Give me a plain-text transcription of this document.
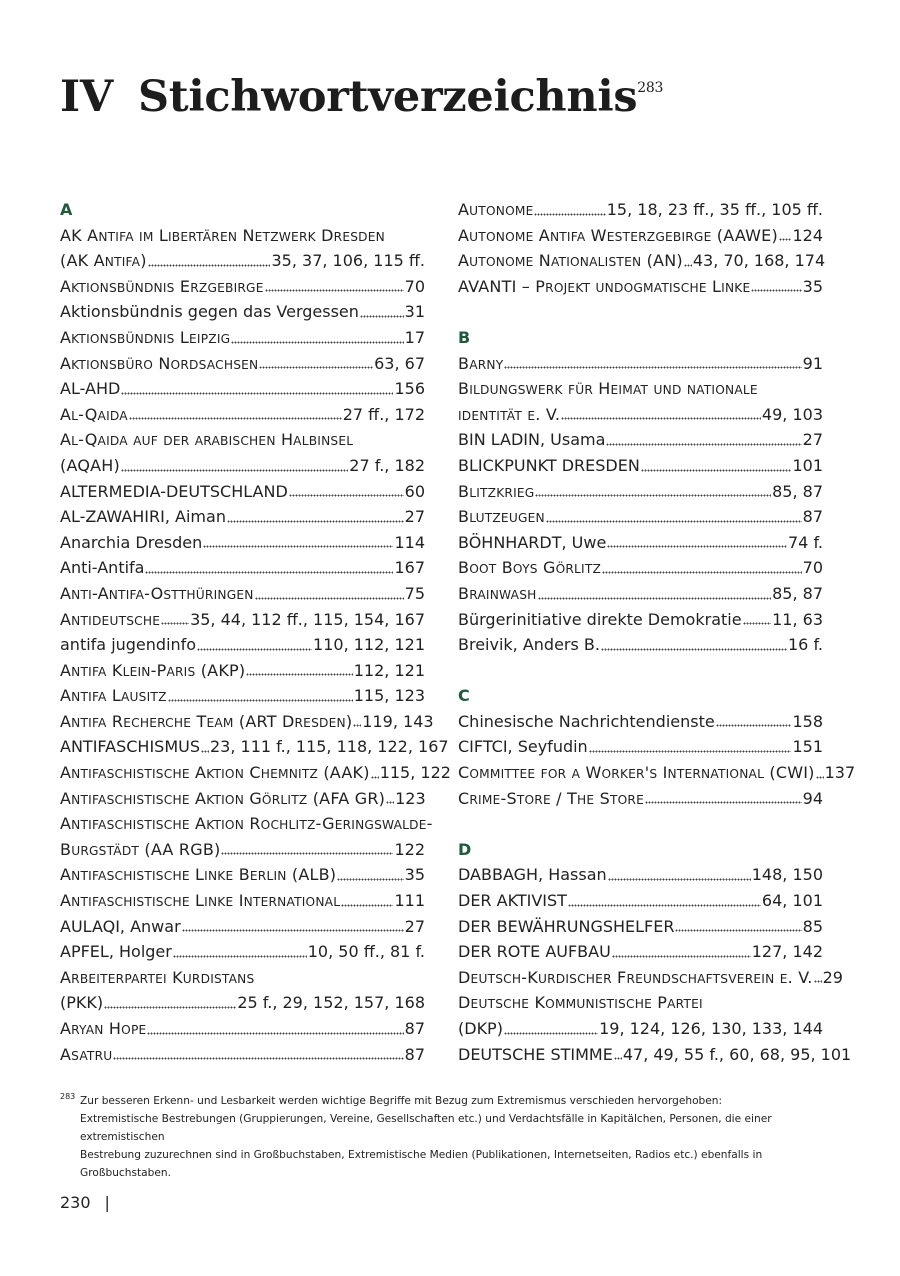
IV Stichwortverzeichnis$^{283}$
A
AK ANTIFA IM LIBERTÄREN NETZWERK DRESDEN
(AK ANTIFA)	35, 37, 106, 115 ff.
AKTIONSBÜNDNIS ERZGEBIRGE	70
Aktionsbündnis gegen das Vergessen	31
AKTIONSBÜNDNIS LEIPZIG	17
AKTIONSBÜRO NORDSACHSEN	63, 67
AL-AHD	156
AL-QAIDA	27 ff., 172
AL-QAIDA AUF DER ARABISCHEN HALBINSEL
(AQAH)	27 f., 182
ALTERMEDIA-DEUTSCHLAND	60
AL-ZAWAHIRI, Aiman	27
Anarchia Dresden	114
Anti-Antifa	167
ANTI-ANTIFA-OSTTHÜRINGEN	75
ANTIDEUTSCHE 35, 44, 112 ff., 115, 154, 167
antifa jugendinfo	110, 112, 121
ANTIFA KLEIN-PARIS (AKP)	112, 121
ANTIFA LAUSITZ	115, 123
ANTIFA RECHERCHE TEAM (ART DRESDEN) 119, 143
ANTIFASCHISMUS 23, 111 f., 115, 118, 122, 167
ANTIFASCHISTISCHE AKTION CHEMNITZ (AAK) 115, 122
ANTIFASCHISTISCHE AKTION GÖRLITZ (AFA GR) 123
ANTIFASCHISTISCHE AKTION ROCHLITZ-GERINGSWALDE-
BURGSTÄDT (AA RGB)	122
ANTIFASCHISTISCHE LINKE BERLIN (ALB)	35
ANTIFASCHISTISCHE LINKE INTERNATIONAL	111
AULAQI, Anwar	27
APFEL, Holger	10, 50 ff., 81 f.
ARBEITERPARTEI KURDISTANS
(PKK)	25 f., 29, 152, 157, 168
ARYAN HOPE	87
ASATRU	87
AUTONOME	15, 18, 23 ff., 35 ff., 105 ff.
AUTONOME ANTIFA WESTERZGEBIRGE (AAWE) 124
AUTONOME NATIONALISTEN (AN) 43, 70, 168, 174
AVANTI – PROJEKT UNDOGMATISCHE LINKE	35
B
BARNY	91
BILDUNGSWERK FÜR HEIMAT UND NATIONALE
IDENTITÄT E. V.	49, 103
BIN LADIN, Usama	27
BLICKPUNKT DRESDEN	101
BLITZKRIEG	85, 87
BLUTZEUGEN	87
BÖHNHARDT, Uwe	74 f.
BOOT BOYS GÖRLITZ	70
BRAINWASH	85, 87
Bürgerinitiative direkte Demokratie 11, 63
Breivik, Anders B.	16 f.
C
Chinesische Nachrichtendienste	158
CIFTCI, Seyfudin	151
COMMITTEE FOR A WORKER'S INTERNATIONAL (CWI) 137
CRIME-STORE / THE STORE	94
D
DABBAGH, Hassan	148, 150
DER AKTIVIST	64, 101
DER BEWÄHRUNGSHELFER	85
DER ROTE AUFBAU	127, 142
DEUTSCH-KURDISCHER FREUNDSCHAFTSVEREIN E. V. 29
DEUTSCHE KOMMUNISTISCHE PARTEI
(DKP)	19, 124, 126, 130, 133, 144
DEUTSCHE STIMME 47, 49, 55 f., 60, 68, 95, 101
283 Zur besseren Erkenn- und Lesbarkeit werden wichtige Begriffe mit Bezug zum Extremismus verschieden hervorgehoben:
Extremistische Bestrebungen (Gruppierungen, Vereine, Gesellschaften etc.) und Verdachtsfälle in Kapitälchen, Personen, die einer extremistischen
Bestrebung zuzurechnen sind in Großbuchstaben, Extremistische Medien (Publikationen, Internetseiten, Radios etc.) ebenfalls in Großbuchstaben.
230 |
